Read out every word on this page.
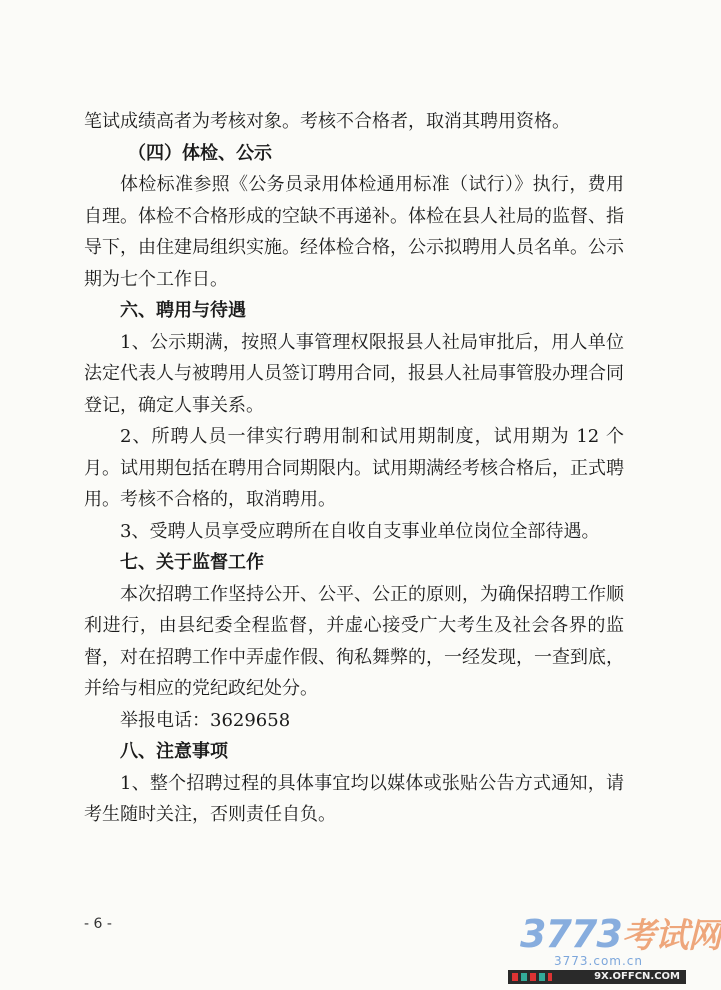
笔试成绩高者为考核对象。考核不合格者，取消其聘用资格。

（四）体检、公示

体检标准参照《公务员录用体检通用标准（试行）》执行，费用自理。体检不合格形成的空缺不再递补。体检在县人社局的监督、指导下，由住建局组织实施。经体检合格，公示拟聘用人员名单。公示期为七个工作日。

六、聘用与待遇

1、公示期满，按照人事管理权限报县人社局审批后，用人单位法定代表人与被聘用人员签订聘用合同，报县人社局事管股办理合同登记，确定人事关系。

2、所聘人员一律实行聘用制和试用期制度，试用期为 12 个月。试用期包括在聘用合同期限内。试用期满经考核合格后，正式聘用。考核不合格的，取消聘用。

3、受聘人员享受应聘所在自收自支事业单位岗位全部待遇。

七、关于监督工作

本次招聘工作坚持公开、公平、公正的原则，为确保招聘工作顺利进行，由县纪委全程监督，并虚心接受广大考生及社会各界的监督，对在招聘工作中弄虚作假、徇私舞弊的，一经发现，一查到底，并给与相应的党纪政纪处分。

举报电话：3629658

八、注意事项

1、整个招聘过程的具体事宜均以媒体或张贴公告方式通知，请考生随时关注，否则责任自负。

- 6 -	3773考试网
3773.com.cn
9X.OFFCN.COM
